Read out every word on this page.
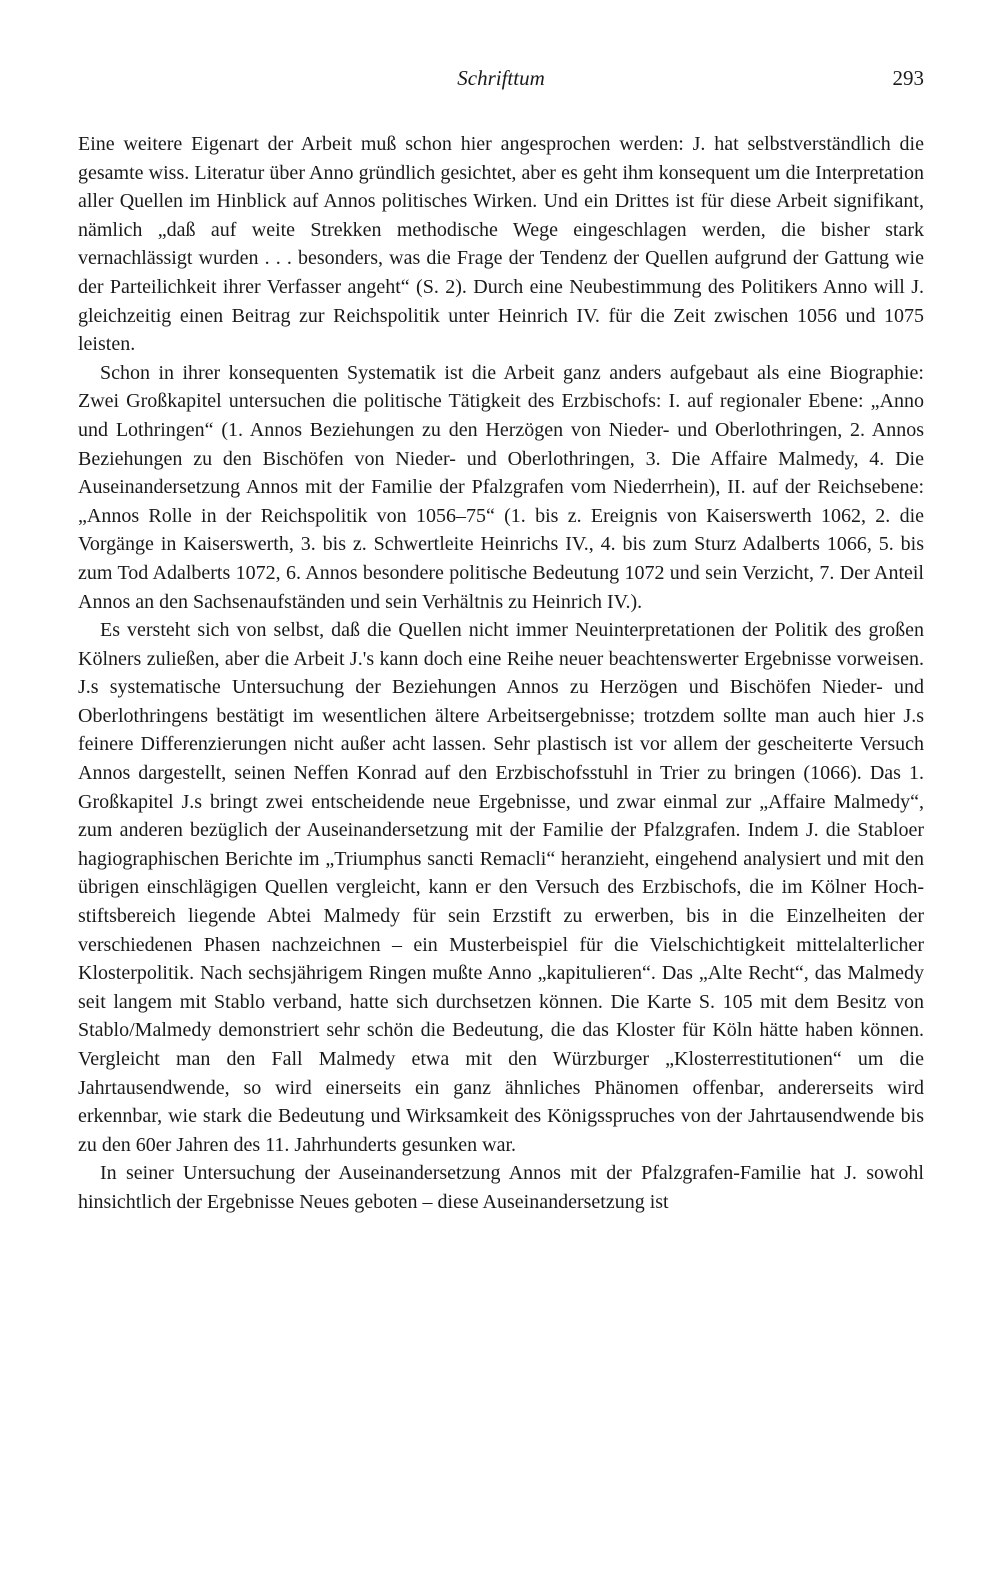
Schrifttum	293

Eine weitere Eigenart der Arbeit muß schon hier angesprochen werden: J. hat selbstverständlich die gesamte wiss. Literatur über Anno gründlich gesichtet, aber es geht ihm konsequent um die Interpretation aller Quellen im Hinblick auf Annos politisches Wirken. Und ein Drittes ist für diese Arbeit signifikant, nämlich „daß auf weite Strekken methodische Wege eingeschlagen werden, die bisher stark vernachlässigt wurden . . . besonders, was die Frage der Tendenz der Quellen aufgrund der Gattung wie der Parteilichkeit ihrer Verfasser angeht“ (S. 2). Durch eine Neubestimmung des Politikers Anno will J. gleichzeitig einen Beitrag zur Reichspolitik unter Heinrich IV. für die Zeit zwischen 1056 und 1075 leisten.

Schon in ihrer konsequenten Systematik ist die Arbeit ganz anders aufgebaut als eine Biographie: Zwei Großkapitel untersuchen die politische Tätigkeit des Erzbischofs: I. auf regionaler Ebene: „Anno und Lothringen“ (1. Annos Beziehungen zu den Herzögen von Nieder- und Oberlothringen, 2. Annos Beziehungen zu den Bischöfen von Nieder- und Oberlothringen, 3. Die Affaire Malmedy, 4. Die Auseinandersetzung Annos mit der Familie der Pfalzgrafen vom Niederrhein), II. auf der Reichsebene: „Annos Rolle in der Reichspolitik von 1056–75“ (1. bis z. Ereignis von Kaiserswerth 1062, 2. die Vorgänge in Kaiserswerth, 3. bis z. Schwertleite Heinrichs IV., 4. bis zum Sturz Adalberts 1066, 5. bis zum Tod Adalberts 1072, 6. Annos besondere politische Bedeutung 1072 und sein Verzicht, 7. Der Anteil Annos an den Sachsenaufständen und sein Verhältnis zu Heinrich IV.).

Es versteht sich von selbst, daß die Quellen nicht immer Neuinterpretationen der Politik des großen Kölners zuließen, aber die Arbeit J.'s kann doch eine Reihe neuer beachtenswerter Ergebnisse vorweisen. J.s systematische Untersuchung der Beziehungen Annos zu Herzögen und Bischöfen Nieder- und Oberlothringens bestätigt im wesentlichen ältere Arbeitsergebnisse; trotzdem sollte man auch hier J.s feinere Differenzierungen nicht außer acht lassen. Sehr plastisch ist vor allem der gescheiterte Versuch Annos dargestellt, seinen Neffen Konrad auf den Erzbischofsstuhl in Trier zu bringen (1066). Das 1. Großkapitel J.s bringt zwei entscheidende neue Ergebnisse, und zwar einmal zur „Affaire Malmedy“, zum anderen bezüglich der Auseinandersetzung mit der Familie der Pfalzgrafen. Indem J. die Stabloer hagiographischen Berichte im „Triumphus sancti Remacli“ heranzieht, eingehend analysiert und mit den übrigen einschlägigen Quellen vergleicht, kann er den Versuch des Erzbischofs, die im Kölner Hochstiftsbereich liegende Abtei Malmedy für sein Erzstift zu erwerben, bis in die Einzelheiten der verschiedenen Phasen nachzeichnen – ein Musterbeispiel für die Vielschichtigkeit mittelalterlicher Klosterpolitik. Nach sechsjährigem Ringen mußte Anno „kapitulieren“. Das „Alte Recht“, das Malmedy seit langem mit Stablo verband, hatte sich durchsetzen können. Die Karte S. 105 mit dem Besitz von Stablo/Malmedy demonstriert sehr schön die Bedeutung, die das Kloster für Köln hätte haben können. Vergleicht man den Fall Malmedy etwa mit den Würzburger „Klosterrestitutionen“ um die Jahrtausendwende, so wird einerseits ein ganz ähnliches Phänomen offenbar, andererseits wird erkennbar, wie stark die Bedeutung und Wirksamkeit des Königsspruches von der Jahrtausendwende bis zu den 60er Jahren des 11. Jahrhunderts gesunken war.

In seiner Untersuchung der Auseinandersetzung Annos mit der Pfalzgrafen-Familie hat J. sowohl hinsichtlich der Ergebnisse Neues geboten – diese Auseinandersetzung ist
